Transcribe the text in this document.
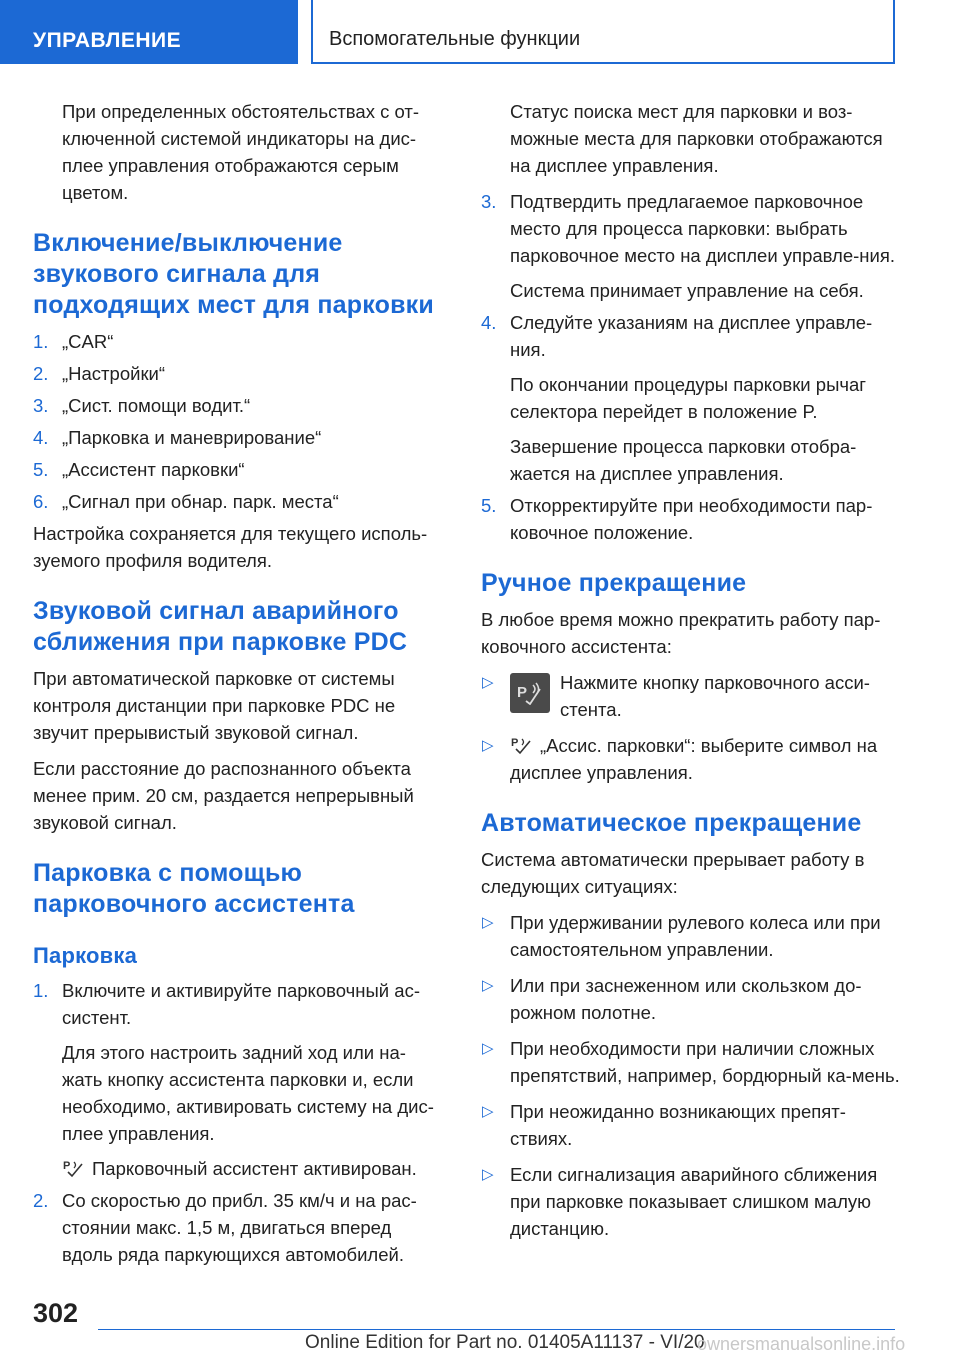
УПРАВЛЕНИЕ	Вспомогательные функции

При определенных обстоятельствах с от-ключенной системой индикаторы на дис-плее управления отображаются серым цветом.

Включение/выключение звукового сигнала для подходящих мест для парковки
1. „CAR“
2. „Настройки“
3. „Сист. помощи водит.“
4. „Парковка и маневрирование“
5. „Ассистент парковки“
6. „Сигнал при обнар. парк. места“

Настройка сохраняется для текущего исполь-зуемого профиля водителя.

Звуковой сигнал аварийного сближения при парковке PDC

При автоматической парковке от системы контроля дистанции при парковке PDC не звучит прерывистый звуковой сигнал.

Если расстояние до распознанного объекта менее прим. 20 см, раздается непрерывный звуковой сигнал.

Парковка с помощью парковочного ассистента
Парковка
1. Включите и активируйте парковочный ас-систент.
Для этого настроить задний ход или на-жать кнопку ассистента парковки и, если необходимо, активировать систему на дис-плее управления.
P Парковочный ассистент активирован.
2. Со скоростью до прибл. 35 км/ч и на рас-стоянии макс. 1,5 м, двигаться вперед вдоль ряда паркующихся автомобилей.

Статус поиска мест для парковки и воз-можные места для парковки отображаются на дисплее управления.

3. Подтвердить предлагаемое парковочное место для процесса парковки: выбрать парковочное место на дисплеи управле-ния.
Система принимает управление на себя.
4. Следуйте указаниям на дисплее управле-ния.
По окончании процедуры парковки рычаг селектора перейдет в положение P.
Завершение процесса парковки отобра-жается на дисплее управления.
5. Откорректируйте при необходимости пар-ковочное положение.
Ручное прекращение

В любое время можно прекратить работу пар-ковочного ассистента:

▷
P Нажмите кнопку парковочного асси-стента.
▷ P „Ассис. парковки“: выберите символ на дисплее управления.
Автоматическое прекращение

Система автоматически прерывает работу в следующих ситуациях:

▷ При удерживании рулевого колеса или при самостоятельном управлении.
▷ Или при заснеженном или скользком до-рожном полотне.
▷ При необходимости при наличии сложных препятствий, например, бордюрный ка-мень.
▷ При неожиданно возникающих препят-ствиях.
▷ Если сигнализация аварийного сближения при парковке показывает слишком малую дистанцию.
302
Online Edition for Part no. 01405A11137 - VI/20
ownersmanualsonline.info
